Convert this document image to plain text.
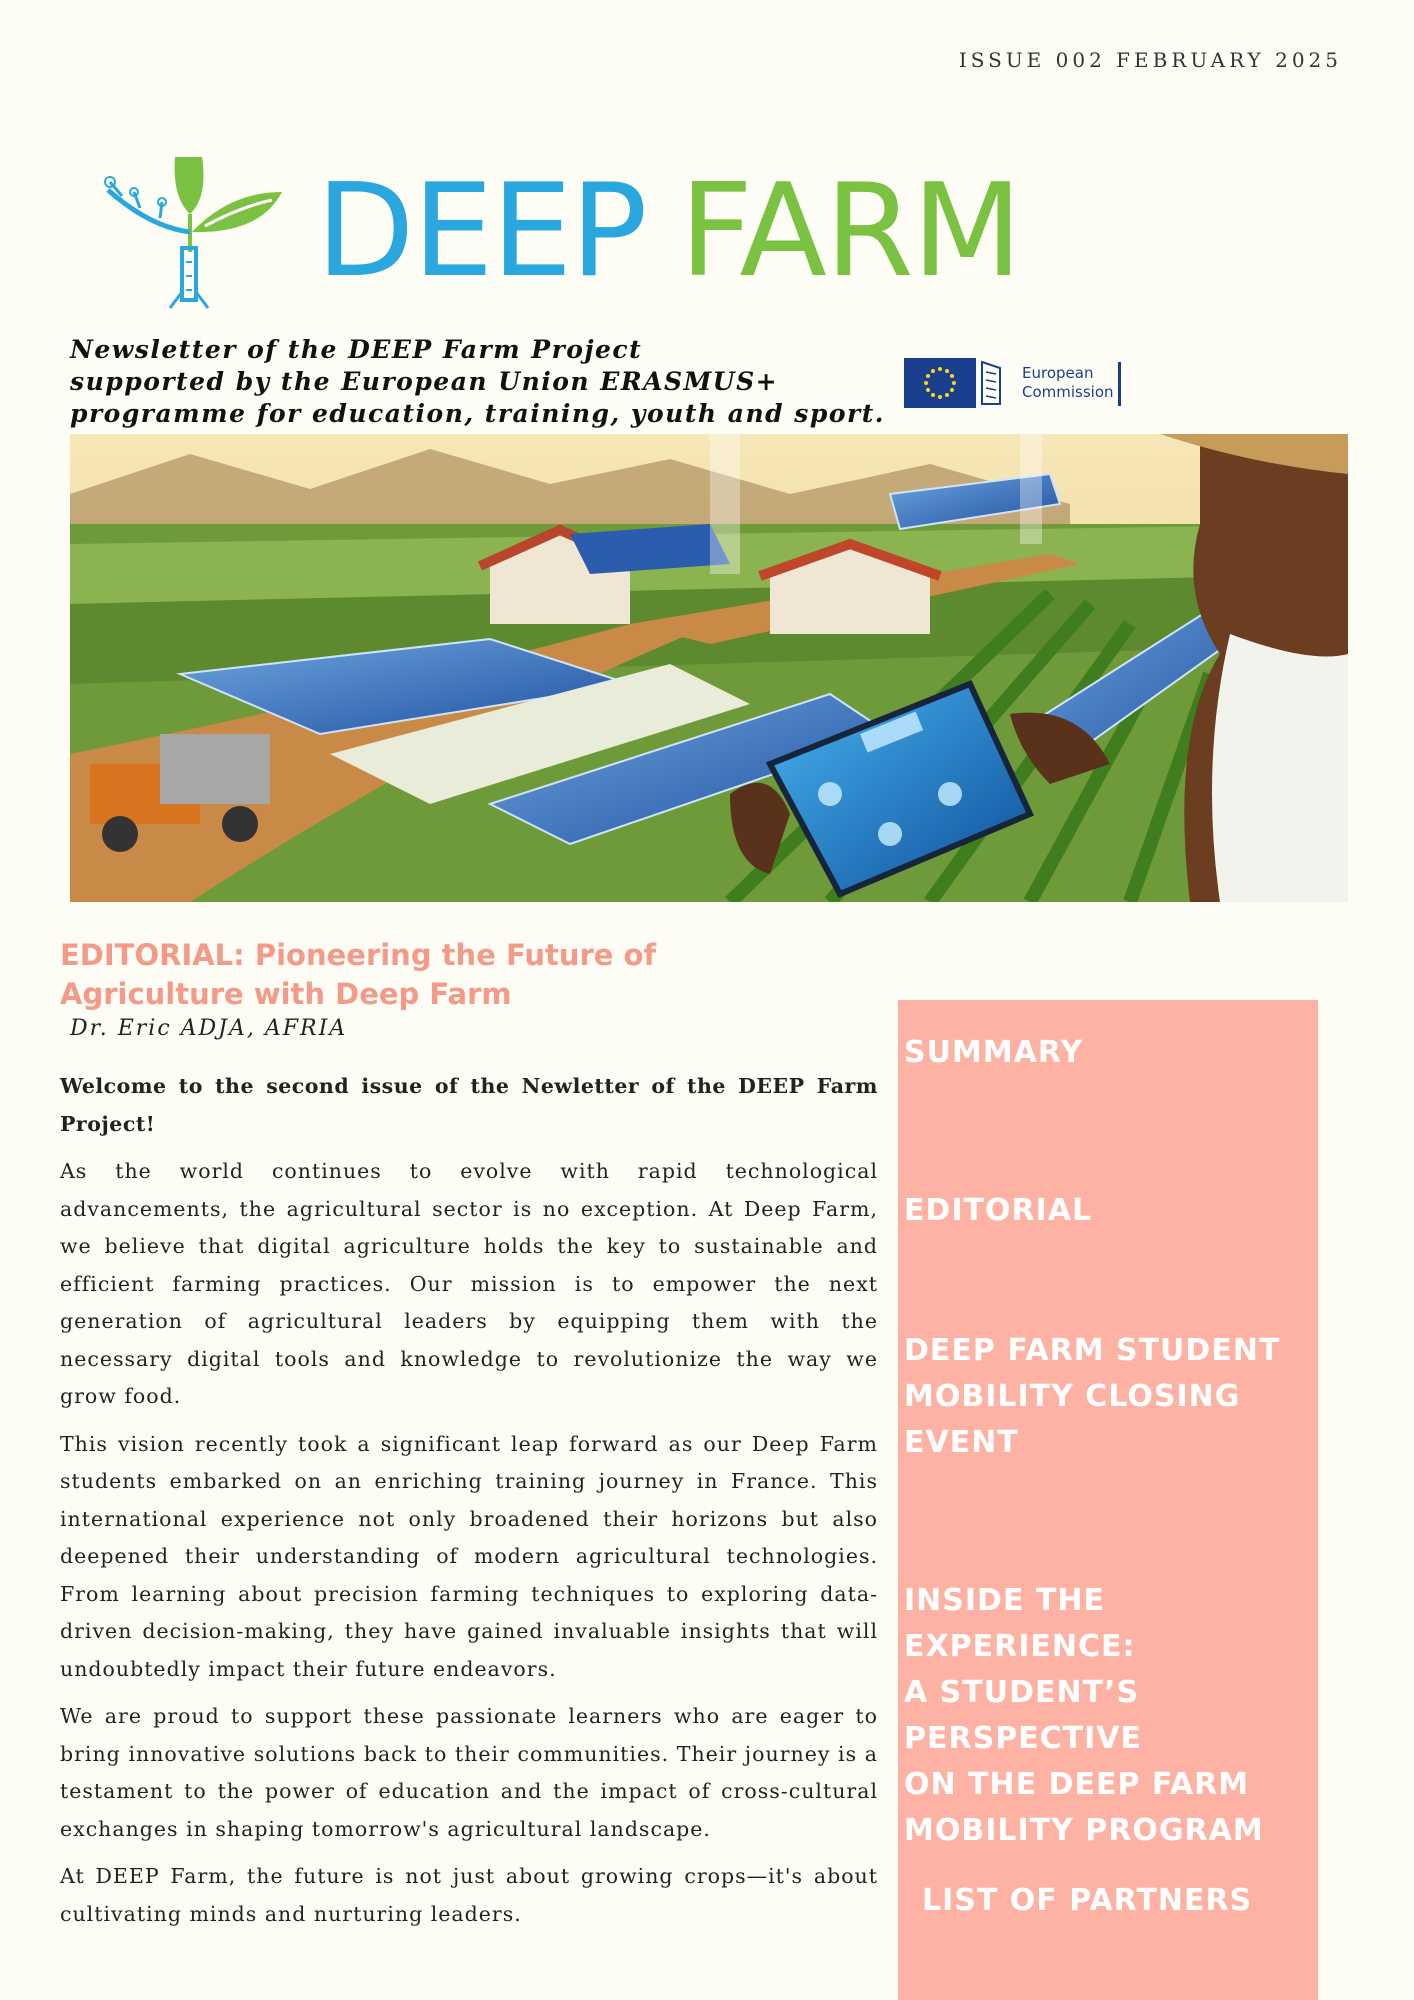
ISSUE 002 FEBRUARY 2025
DEEP FARM
Newsletter of the DEEP Farm Project
supported by the European Union ERASMUS+
programme for education, training, youth and sport.
European
Commission
EDITORIAL: Pioneering the Future of Agriculture with Deep Farm
Dr. Eric ADJA, AFRIA

Welcome to the second issue of the Newletter of the DEEP Farm Project!

As the world continues to evolve with rapid technological advancements, the agricultural sector is no exception. At Deep Farm, we believe that digital agriculture holds the key to sustainable and efficient farming practices. Our mission is to empower the next generation of agricultural leaders by equipping them with the necessary digital tools and knowledge to revolutionize the way we grow food.

This vision recently took a significant leap forward as our Deep Farm students embarked on an enriching training journey in France. This international experience not only broadened their horizons but also deepened their understanding of modern agricultural technologies. From learning about precision farming techniques to exploring data-driven decision-making, they have gained invaluable insights that will undoubtedly impact their future endeavors.

We are proud to support these passionate learners who are eager to bring innovative solutions back to their communities. Their journey is a testament to the power of education and the impact of cross-cultural exchanges in shaping tomorrow's agricultural landscape.

At DEEP Farm, the future is not just about growing crops—it's about cultivating minds and nurturing leaders.

SUMMARY
EDITORIAL
DEEP FARM STUDENT
MOBILITY CLOSING
EVENT
INSIDE THE EXPERIENCE:
A STUDENT’S
PERSPECTIVE
ON THE DEEP FARM
MOBILITY PROGRAM
LIST OF PARTNERS
